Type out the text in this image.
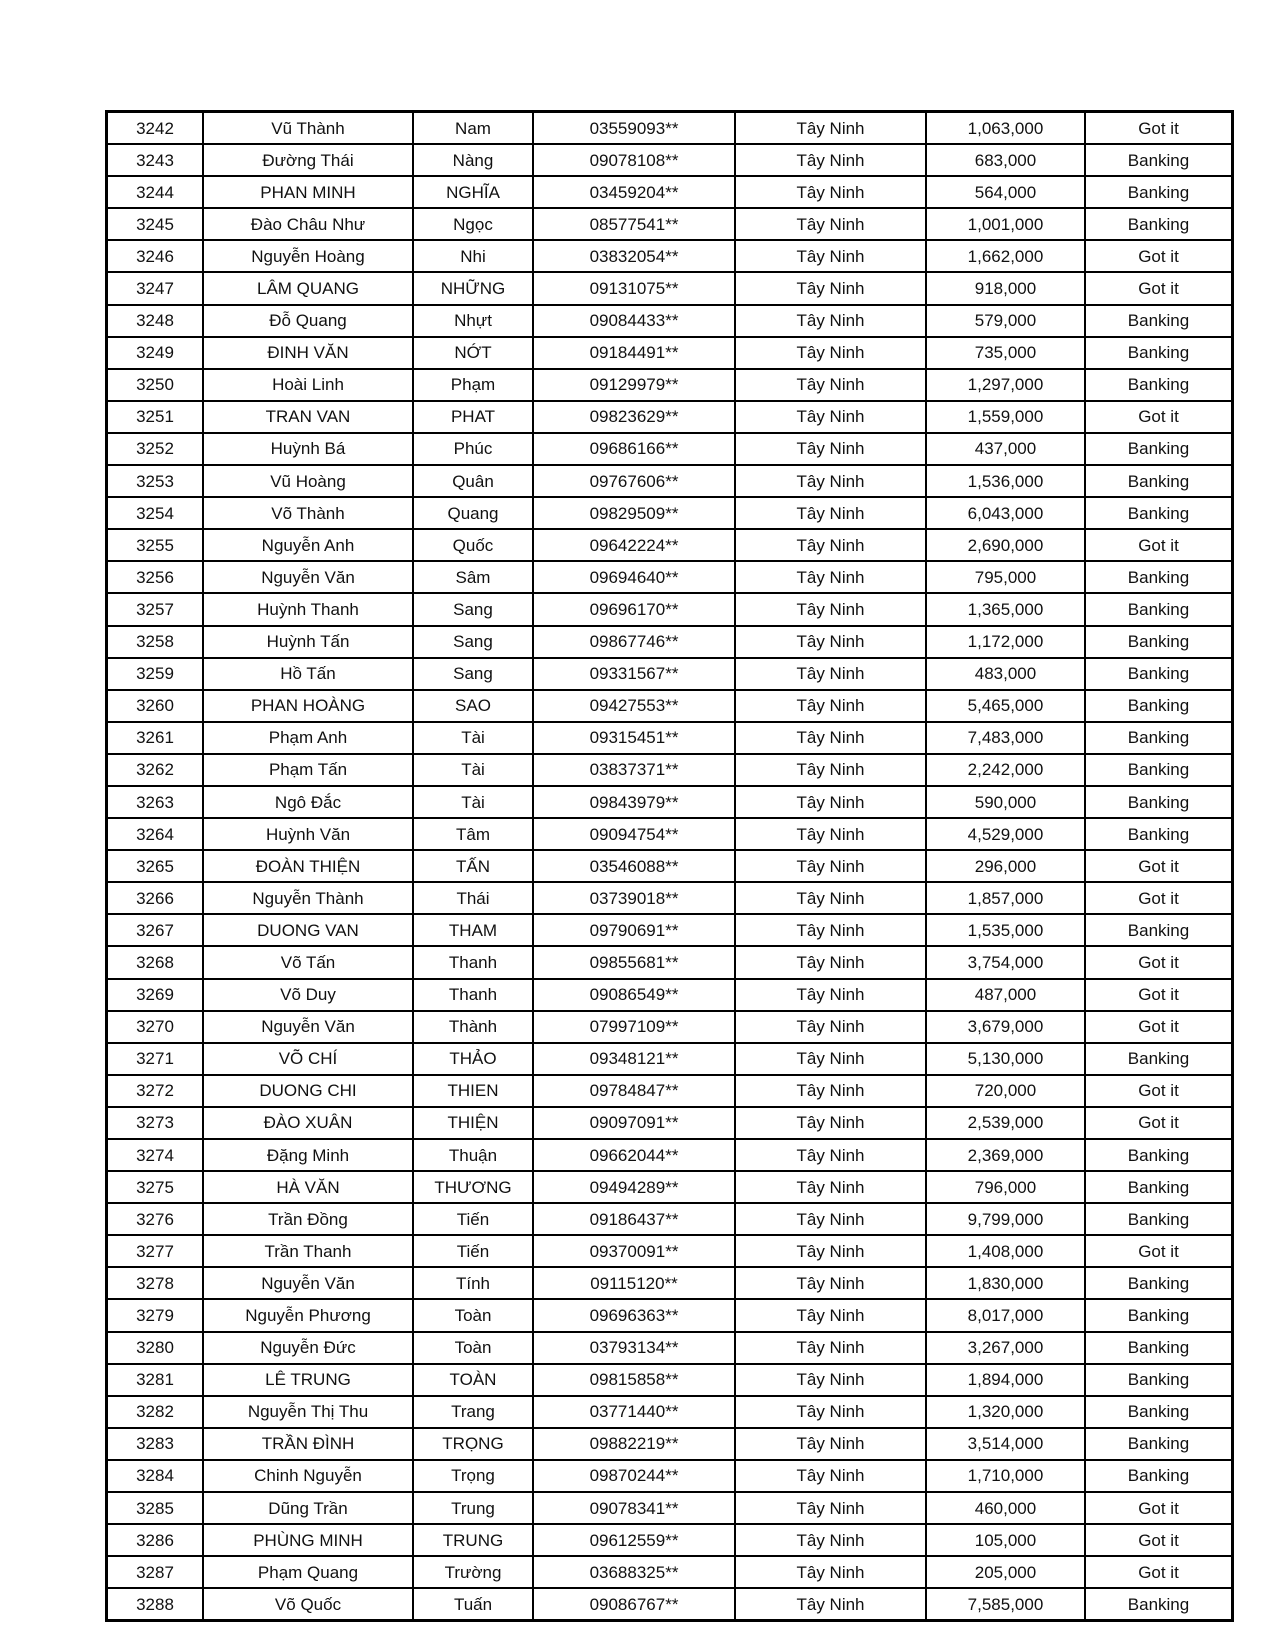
3242	Vũ Thành	Nam	03559093**	Tây Ninh	1,063,000	Got it
3243	Đường Thái	Nàng	09078108**	Tây Ninh	683,000	Banking
3244	PHAN MINH	NGHĨA	03459204**	Tây Ninh	564,000	Banking
3245	Đào Châu Như	Ngọc	08577541**	Tây Ninh	1,001,000	Banking
3246	Nguyễn Hoàng	Nhi	03832054**	Tây Ninh	1,662,000	Got it
3247	LÂM QUANG	NHỮNG	09131075**	Tây Ninh	918,000	Got it
3248	Đỗ Quang	Nhựt	09084433**	Tây Ninh	579,000	Banking
3249	ĐINH VĂN	NỚT	09184491**	Tây Ninh	735,000	Banking
3250	Hoài Linh	Phạm	09129979**	Tây Ninh	1,297,000	Banking
3251	TRAN VAN	PHAT	09823629**	Tây Ninh	1,559,000	Got it
3252	Huỳnh Bá	Phúc	09686166**	Tây Ninh	437,000	Banking
3253	Vũ Hoàng	Quân	09767606**	Tây Ninh	1,536,000	Banking
3254	Võ Thành	Quang	09829509**	Tây Ninh	6,043,000	Banking
3255	Nguyễn Anh	Quốc	09642224**	Tây Ninh	2,690,000	Got it
3256	Nguyễn Văn	Sâm	09694640**	Tây Ninh	795,000	Banking
3257	Huỳnh Thanh	Sang	09696170**	Tây Ninh	1,365,000	Banking
3258	Huỳnh Tấn	Sang	09867746**	Tây Ninh	1,172,000	Banking
3259	Hồ Tấn	Sang	09331567**	Tây Ninh	483,000	Banking
3260	PHAN HOÀNG	SAO	09427553**	Tây Ninh	5,465,000	Banking
3261	Phạm Anh	Tài	09315451**	Tây Ninh	7,483,000	Banking
3262	Phạm Tấn	Tài	03837371**	Tây Ninh	2,242,000	Banking
3263	Ngô Đắc	Tài	09843979**	Tây Ninh	590,000	Banking
3264	Huỳnh Văn	Tâm	09094754**	Tây Ninh	4,529,000	Banking
3265	ĐOÀN THIỆN	TẤN	03546088**	Tây Ninh	296,000	Got it
3266	Nguyễn Thành	Thái	03739018**	Tây Ninh	1,857,000	Got it
3267	DUONG VAN	THAM	09790691**	Tây Ninh	1,535,000	Banking
3268	Võ Tấn	Thanh	09855681**	Tây Ninh	3,754,000	Got it
3269	Võ Duy	Thanh	09086549**	Tây Ninh	487,000	Got it
3270	Nguyễn Văn	Thành	07997109**	Tây Ninh	3,679,000	Got it
3271	VÕ CHÍ	THẢO	09348121**	Tây Ninh	5,130,000	Banking
3272	DUONG CHI	THIEN	09784847**	Tây Ninh	720,000	Got it
3273	ĐÀO XUÂN	THIỆN	09097091**	Tây Ninh	2,539,000	Got it
3274	Đặng Minh	Thuận	09662044**	Tây Ninh	2,369,000	Banking
3275	HÀ VĂN	THƯƠNG	09494289**	Tây Ninh	796,000	Banking
3276	Trần Đồng	Tiến	09186437**	Tây Ninh	9,799,000	Banking
3277	Trần Thanh	Tiến	09370091**	Tây Ninh	1,408,000	Got it
3278	Nguyễn Văn	Tính	09115120**	Tây Ninh	1,830,000	Banking
3279	Nguyễn Phương	Toàn	09696363**	Tây Ninh	8,017,000	Banking
3280	Nguyễn Đức	Toàn	03793134**	Tây Ninh	3,267,000	Banking
3281	LÊ TRUNG	TOÀN	09815858**	Tây Ninh	1,894,000	Banking
3282	Nguyễn Thị Thu	Trang	03771440**	Tây Ninh	1,320,000	Banking
3283	TRẦN ĐÌNH	TRỌNG	09882219**	Tây Ninh	3,514,000	Banking
3284	Chinh Nguyễn	Trọng	09870244**	Tây Ninh	1,710,000	Banking
3285	Dũng Trần	Trung	09078341**	Tây Ninh	460,000	Got it
3286	PHÙNG MINH	TRUNG	09612559**	Tây Ninh	105,000	Got it
3287	Phạm Quang	Trường	03688325**	Tây Ninh	205,000	Got it
3288	Võ Quốc	Tuấn	09086767**	Tây Ninh	7,585,000	Banking
